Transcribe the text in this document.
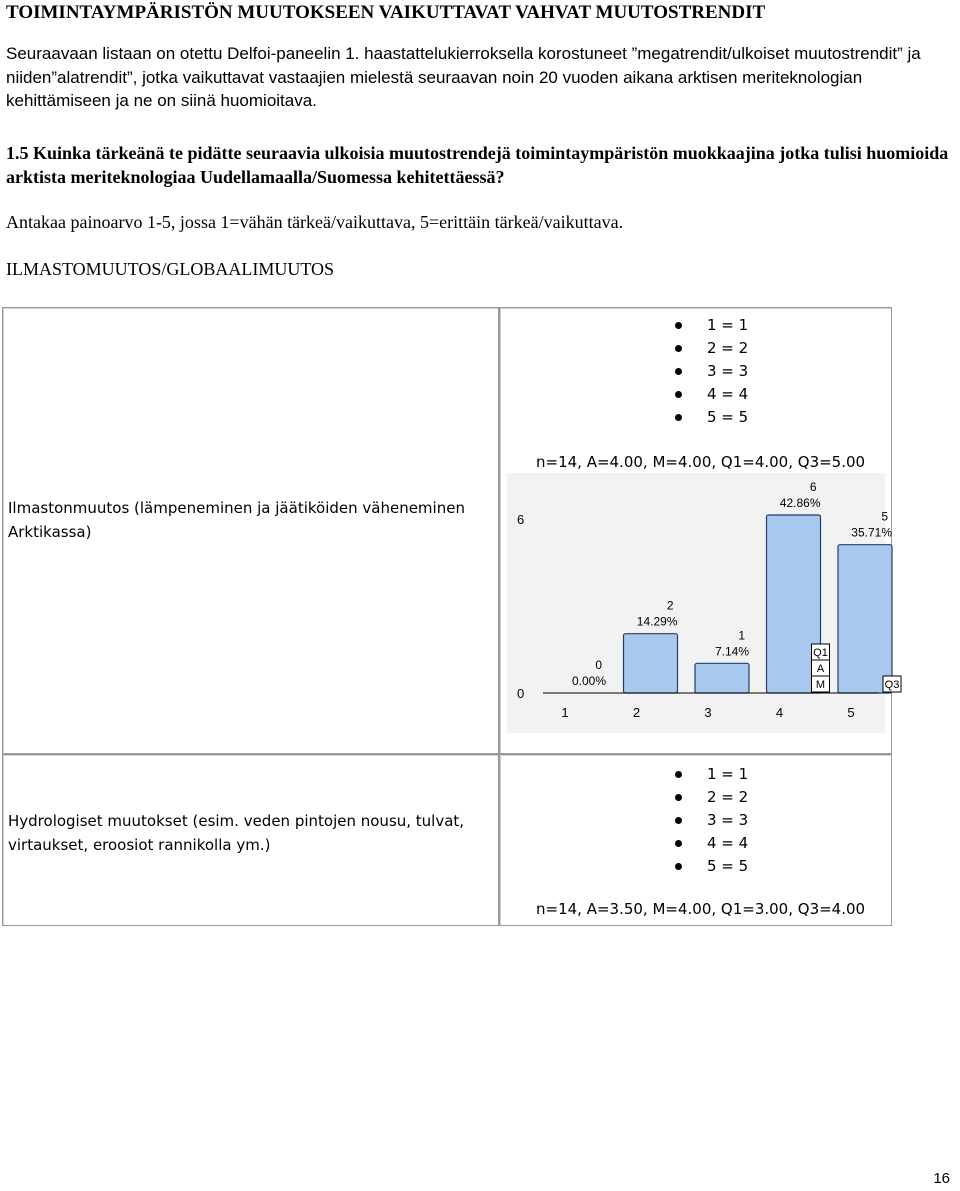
TOIMINTAYMPÄRISTÖN MUUTOKSEEN VAIKUTTAVAT VAHVAT MUUTOSTRENDIT

Seuraavaan listaan on otettu Delfoi-paneelin 1. haastattelukierroksella korostuneet ”megatrendit/ulkoiset muutostrendit” ja niiden”alatrendit”, jotka vaikuttavat vastaajien mielestä seuraavan noin 20 vuoden aikana arktisen meriteknologian kehittämiseen ja ne on siinä huomioitava.

1.5 Kuinka tärkeänä te pidätte seuraavia ulkoisia muutostrendejä toimintaympäristön muokkaajina jotka tulisi huomioida arktista meriteknologiaa Uudellamaalla/Suomessa kehitettäessä?

Antakaa painoarvo 1-5, jossa 1=vähän tärkeä/vaikuttava, 5=erittäin tärkeä/vaikuttava.

ILMASTOMUUTOS/GLOBAALIMUUTOS

Ilmastonmuutos (lämpeneminen ja jäätiköiden väheneminen Arktikassa)
1 = 1
2 = 2
3 = 3
4 = 4
5 = 5
n=14, A=4.00, M=4.00, Q1=4.00, Q3=5.00
0
6
0
0.00%
1
2
14.29%
2
1
7.14%
3
6
42.86%
4
Q1
A
M
5
35.71%
5
Q3
Hydrologiset muutokset (esim. veden pintojen nousu, tulvat, virtaukset, eroosiot rannikolla ym.)
1 = 1
2 = 2
3 = 3
4 = 4
5 = 5
n=14, A=3.50, M=4.00, Q1=3.00, Q3=4.00
16
